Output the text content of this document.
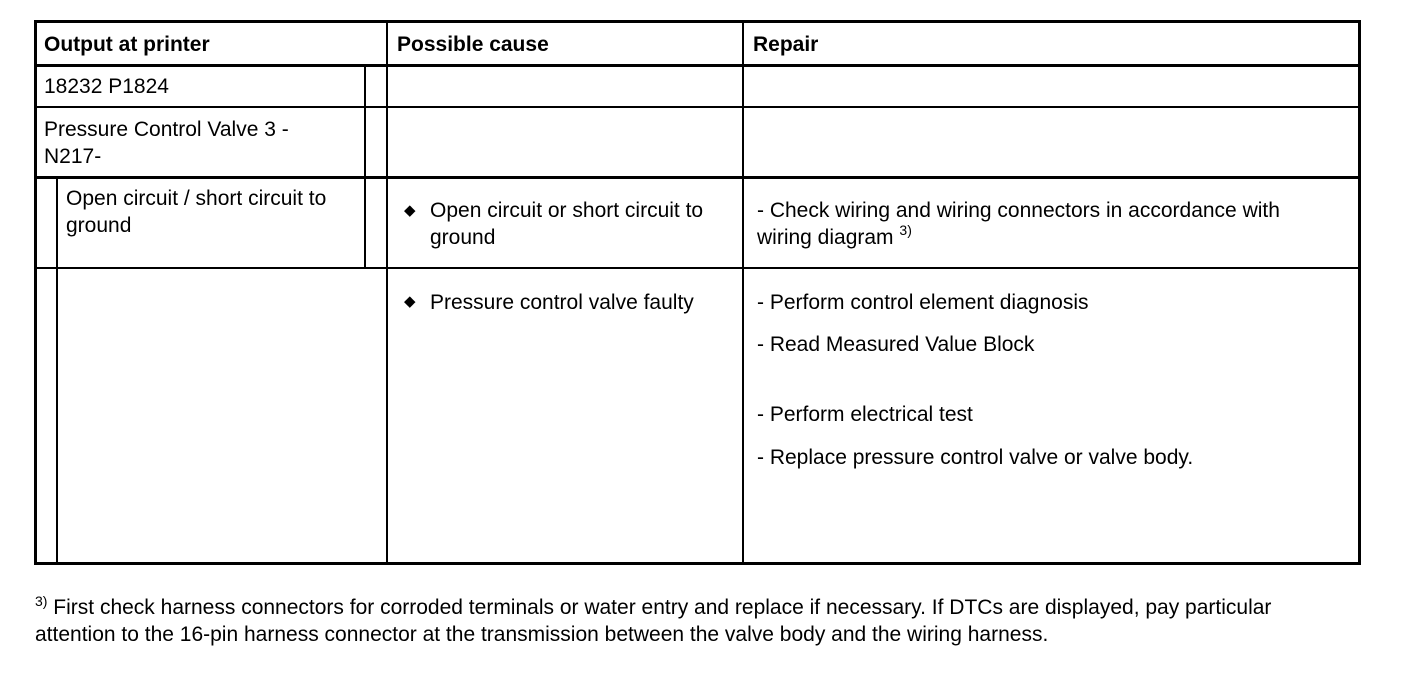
Output at printer	Possible cause	Repair
18232 P1824
Pressure Control Valve 3 - N217-
Open circuit / short circuit to ground
◆ Open circuit or short circuit to ground
◆ Pressure control valve faulty
- Check wiring and wiring connectors in accordance with wiring diagram $^{3)}$
- Perform control element diagnosis
- Read Measured Value Block
- Perform electrical test
- Replace pressure control valve or valve body.
$^{3)}$ First check harness connectors for corroded terminals or water entry and replace if necessary. If DTCs are displayed, pay particular attention to the 16-pin harness connector at the transmission between the valve body and the wiring harness.
